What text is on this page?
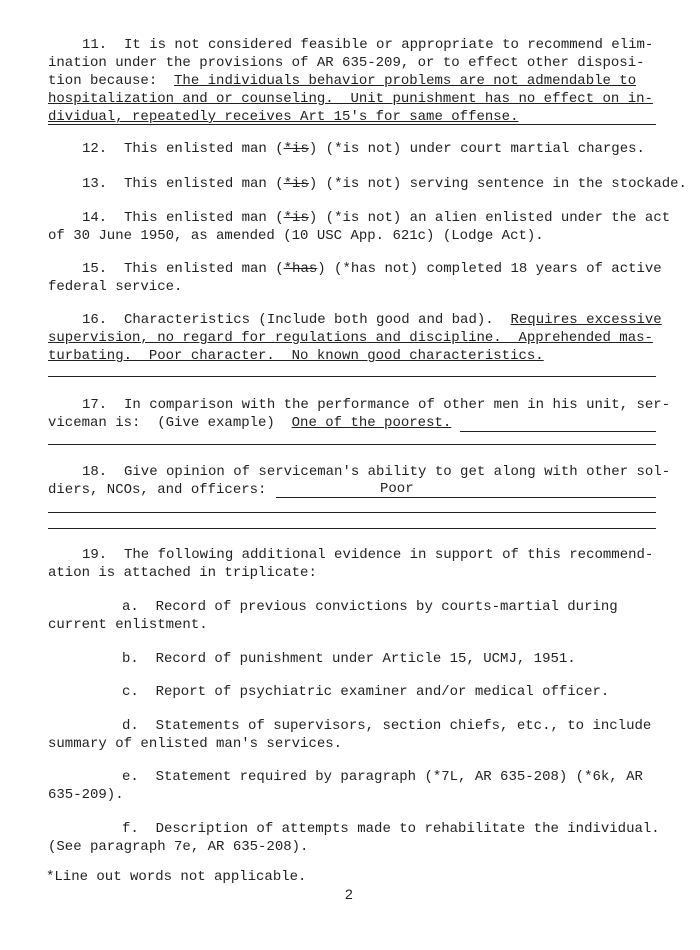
11.  It is not considered feasible or appropriate to recommend elim-
ination under the provisions of AR 635-209, or to effect other disposi-
tion because:  The individuals behavior problems are not admendable to
hospitalization and or counseling.  Unit punishment has no effect on in-
dividual, repeatedly receives Art 15's for same offense.
12.  This enlisted man (*is) (*is not) under court martial charges.
13.  This enlisted man (*is) (*is not) serving sentence in the stockade.
14.  This enlisted man (*is) (*is not) an alien enlisted under the act
of 30 June 1950, as amended (10 USC App. 621c) (Lodge Act).
15.  This enlisted man (*has) (*has not) completed 18 years of active
federal service.
16.  Characteristics (Include both good and bad).  Requires excessive
supervision, no regard for regulations and discipline.  Apprehended mas-
turbating.  Poor character.  No known good characteristics.
17.  In comparison with the performance of other men in his unit, ser-
viceman is:  (Give example)  One of the poorest.
18.  Give opinion of serviceman's ability to get along with other sol-
diers, NCOs, and officers:	Poor
19.  The following additional evidence in support of this recommend-
ation is attached in triplicate:
a.  Record of previous convictions by courts-martial during
current enlistment.
b.  Record of punishment under Article 15, UCMJ, 1951.
c.  Report of psychiatric examiner and/or medical officer.
d.  Statements of supervisors, section chiefs, etc., to include
summary of enlisted man's services.
e.  Statement required by paragraph (*7L, AR 635-208) (*6k, AR
635-209).
f.  Description of attempts made to rehabilitate the individual.
(See paragraph 7e, AR 635-208).
*Line out words not applicable.
2
